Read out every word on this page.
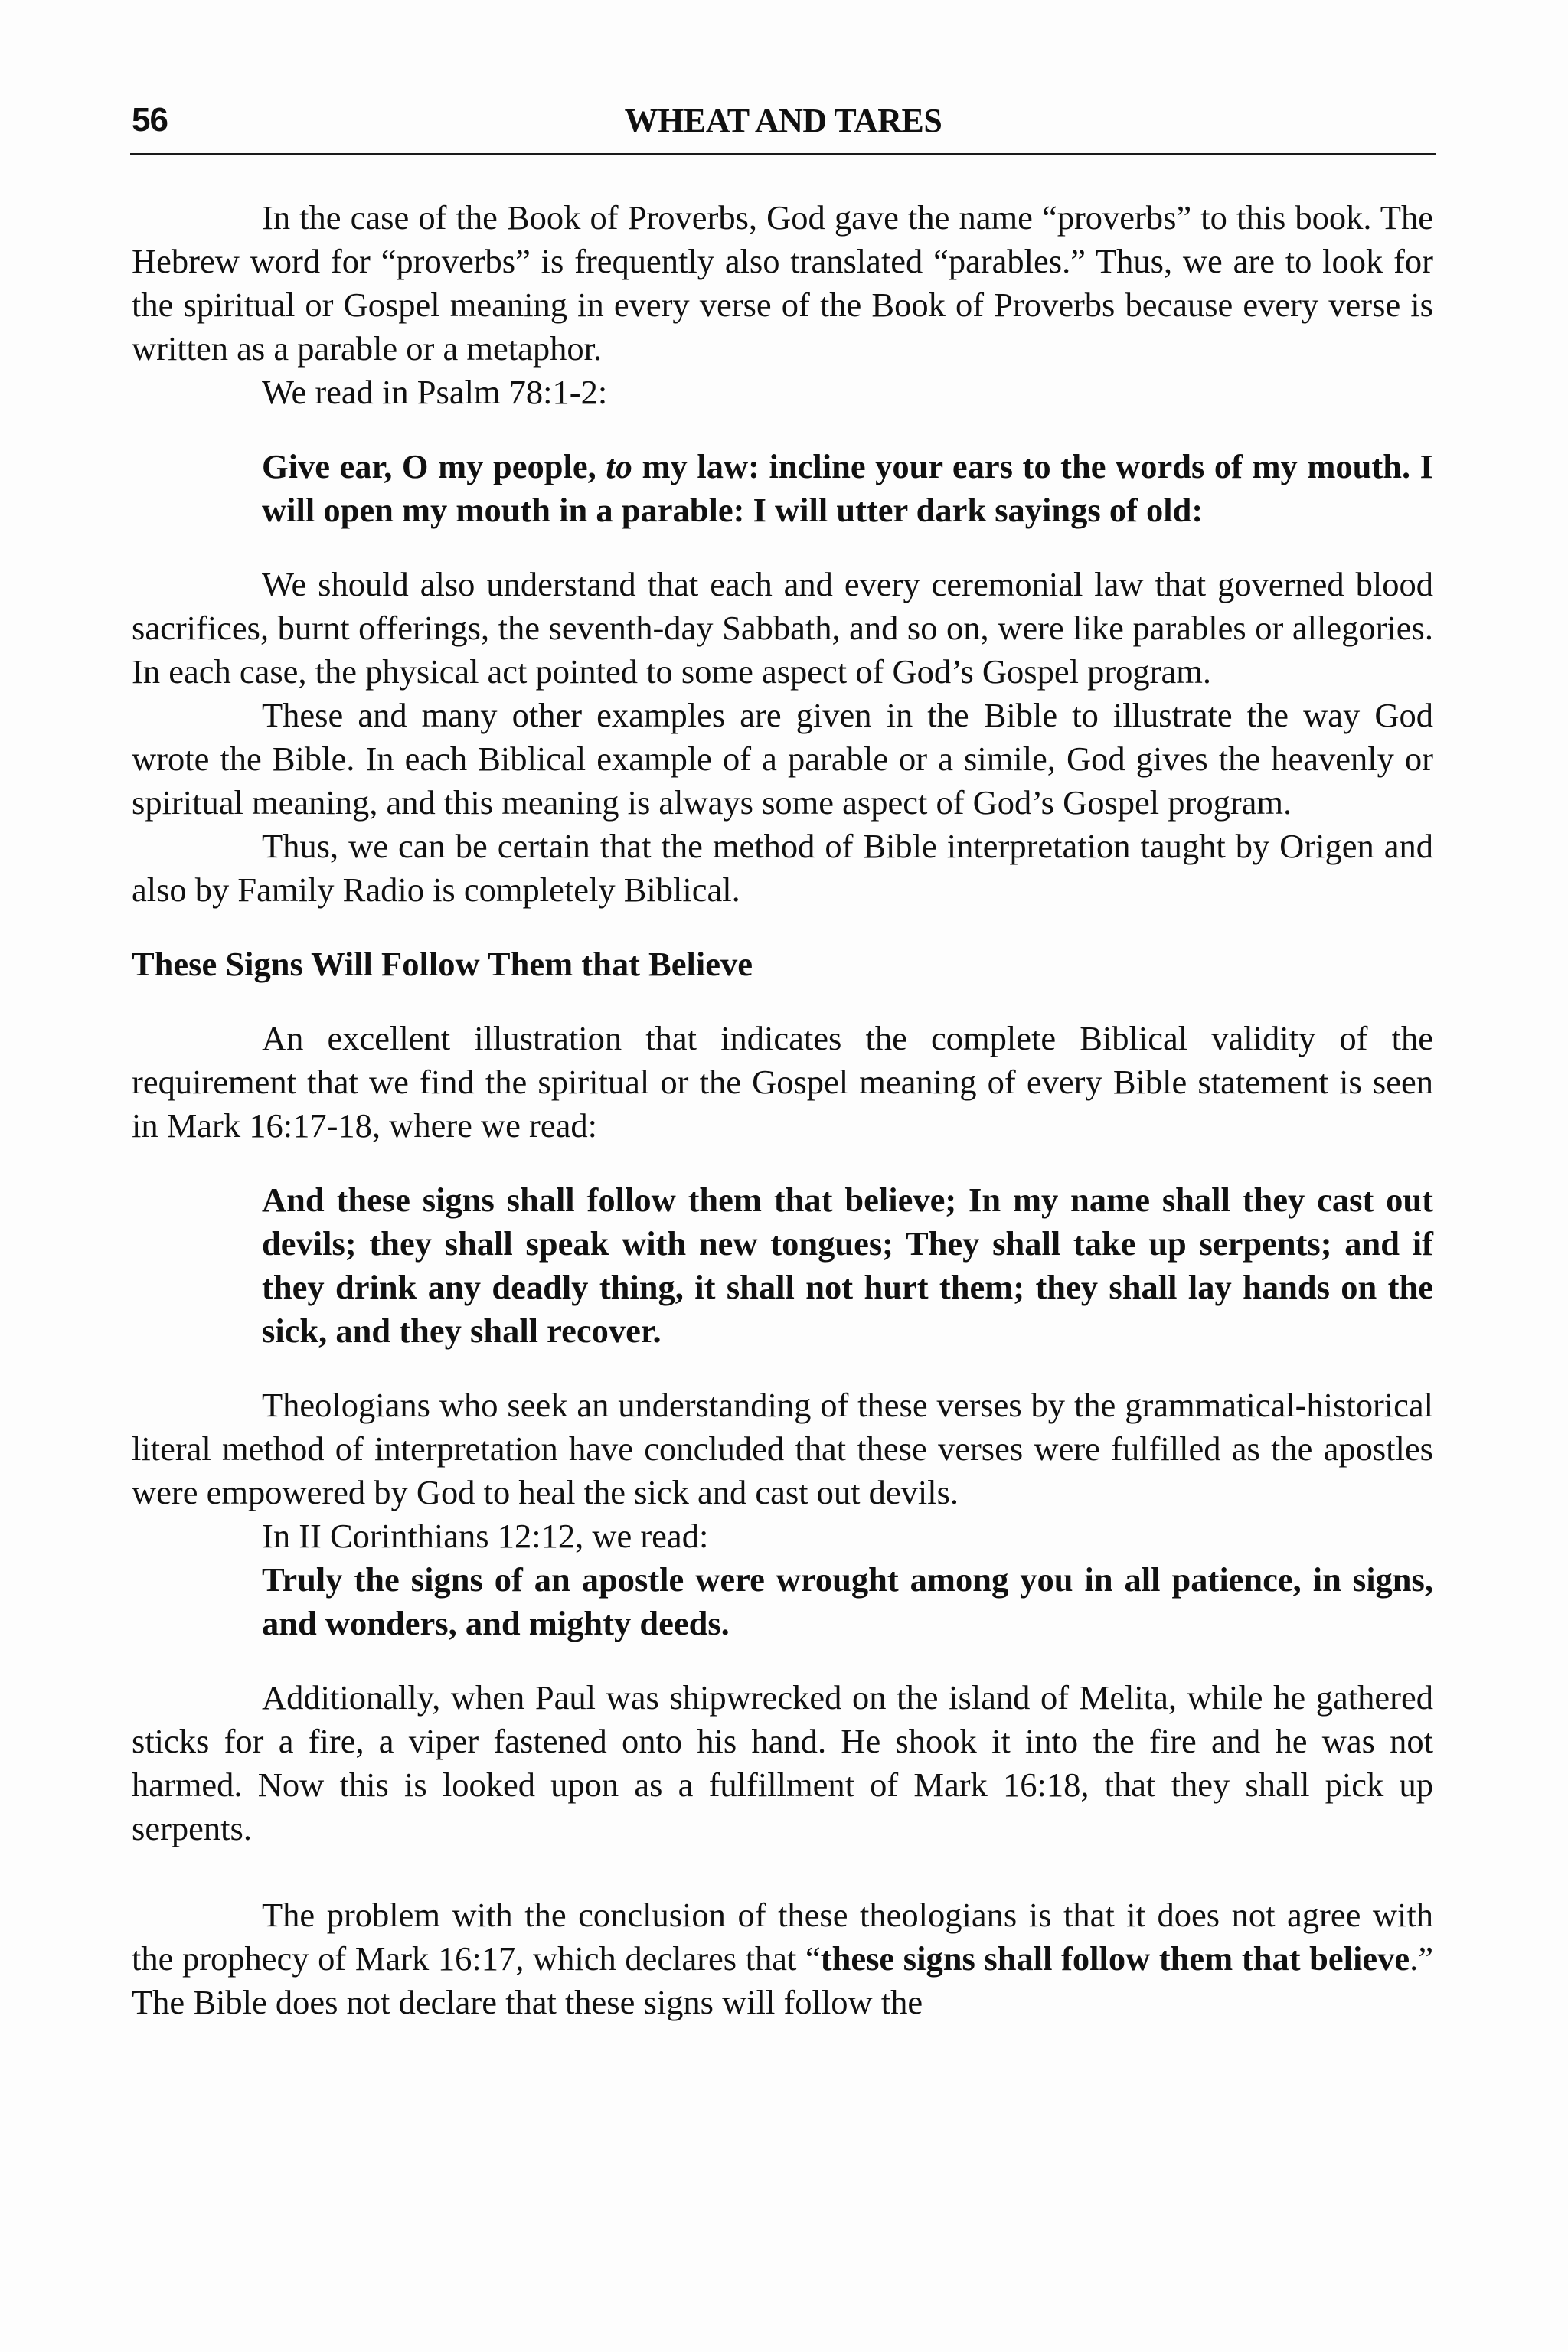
56	WHEAT AND TARES

In the case of the Book of Proverbs, God gave the name “proverbs” to this book. The Hebrew word for “proverbs” is frequently also translated “parables.” Thus, we are to look for the spiritual or Gospel meaning in every verse of the Book of Proverbs because every verse is written as a parable or a metaphor.

We read in Psalm 78:1-2:

Give ear, O my people, to my law: incline your ears to the words of my mouth. I will open my mouth in a parable: I will utter dark sayings of old:

We should also understand that each and every ceremonial law that governed blood sacrifices, burnt offerings, the seventh-day Sabbath, and so on, were like parables or allegories. In each case, the physical act pointed to some aspect of God’s Gospel program.

These and many other examples are given in the Bible to illustrate the way God wrote the Bible. In each Biblical example of a parable or a simile, God gives the heavenly or spiritual meaning, and this meaning is always some aspect of God’s Gospel program.

Thus, we can be certain that the method of Bible interpretation taught by Origen and also by Family Radio is completely Biblical.

These Signs Will Follow Them that Believe

An excellent illustration that indicates the complete Biblical validity of the requirement that we find the spiritual or the Gospel meaning of every Bible statement is seen in Mark 16:17-18, where we read:

And these signs shall follow them that believe; In my name shall they cast out devils; they shall speak with new tongues; They shall take up serpents; and if they drink any deadly thing, it shall not hurt them; they shall lay hands on the sick, and they shall recover.

Theologians who seek an understanding of these verses by the grammatical-historical literal method of interpretation have concluded that these verses were fulfilled as the apostles were empowered by God to heal the sick and cast out devils.

In II Corinthians 12:12, we read:

Truly the signs of an apostle were wrought among you in all patience, in signs, and wonders, and mighty deeds.

Additionally, when Paul was shipwrecked on the island of Melita, while he gathered sticks for a fire, a viper fastened onto his hand. He shook it into the fire and he was not harmed. Now this is looked upon as a fulfillment of Mark 16:18, that they shall pick up serpents.

The problem with the conclusion of these theologians is that it does not agree with the prophecy of Mark 16:17, which declares that “these signs shall follow them that believe.” The Bible does not declare that these signs will follow the
